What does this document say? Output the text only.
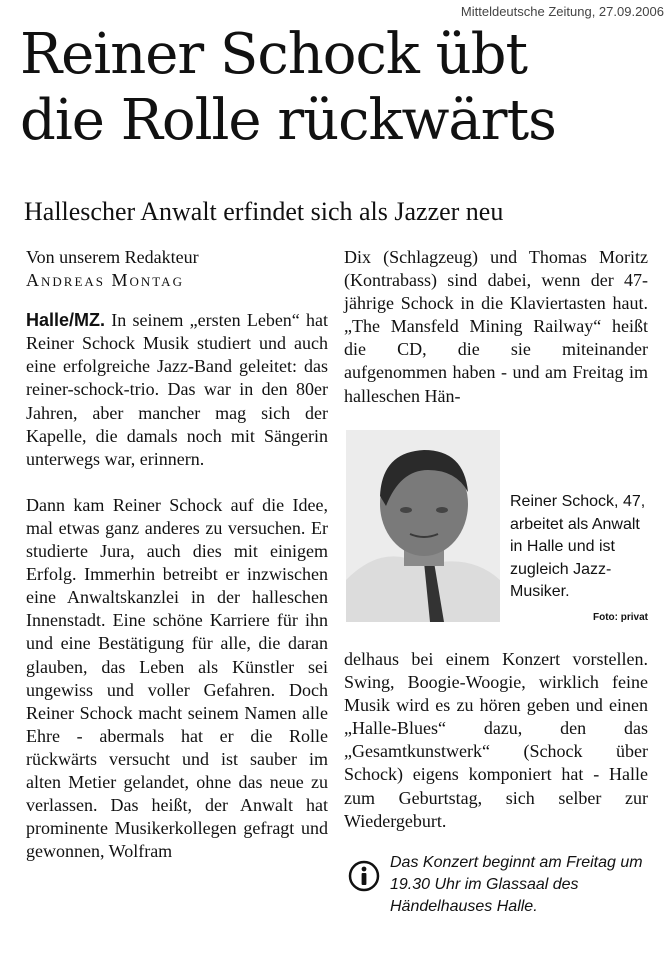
Mitteldeutsche Zeitung, 27.09.2006
Reiner Schock übt
die Rolle rückwärts
Hallescher Anwalt erfindet sich als Jazzer neu
Von unserem Redakteur
Andreas Montag

Halle/MZ. In seinem „ersten Leben“ hat Reiner Schock Musik studiert und auch eine erfolgreiche Jazz-Band geleitet: das reiner-schock-trio. Das war in den 80er Jahren, aber mancher mag sich der Kapelle, die damals noch mit Sängerin unterwegs war, erinnern.

Dann kam Reiner Schock auf die Idee, mal etwas ganz anderes zu versuchen. Er studierte Jura, auch dies mit einigem Erfolg. Immerhin betreibt er inzwischen eine Anwaltskanzlei in der halleschen Innenstadt. Eine schöne Karriere für ihn und eine Bestätigung für alle, die daran glauben, das Leben als Künstler sei ungewiss und voller Gefahren. Doch Reiner Schock macht seinem Namen alle Ehre - abermals hat er die Rolle rückwärts versucht und ist sauber im alten Metier gelandet, ohne das neue zu verlassen. Das heißt, der Anwalt hat prominente Musikerkollegen gefragt und gewonnen, Wolfram

Dix (Schlagzeug) und Thomas Moritz (Kontrabass) sind dabei, wenn der 47-jährige Schock in die Klaviertasten haut. „The Mansfeld Mining Railway“ heißt die CD, die sie miteinander aufgenommen haben - und am Freitag im halleschen Hän-

Reiner Schock, 47, arbeitet als Anwalt in Halle und ist zugleich Jazz-Musiker.
Foto: privat

delhaus bei einem Konzert vorstellen. Swing, Boogie-Woogie, wirklich feine Musik wird es zu hören geben und einen „Halle-Blues“ dazu, den das „Gesamtkunstwerk“ (Schock über Schock) eigens komponiert hat - Halle zum Geburtstag, sich selber zur Wiedergeburt.

Das Konzert beginnt am Freitag um 19.30 Uhr im Glassaal des Händelhauses Halle.
